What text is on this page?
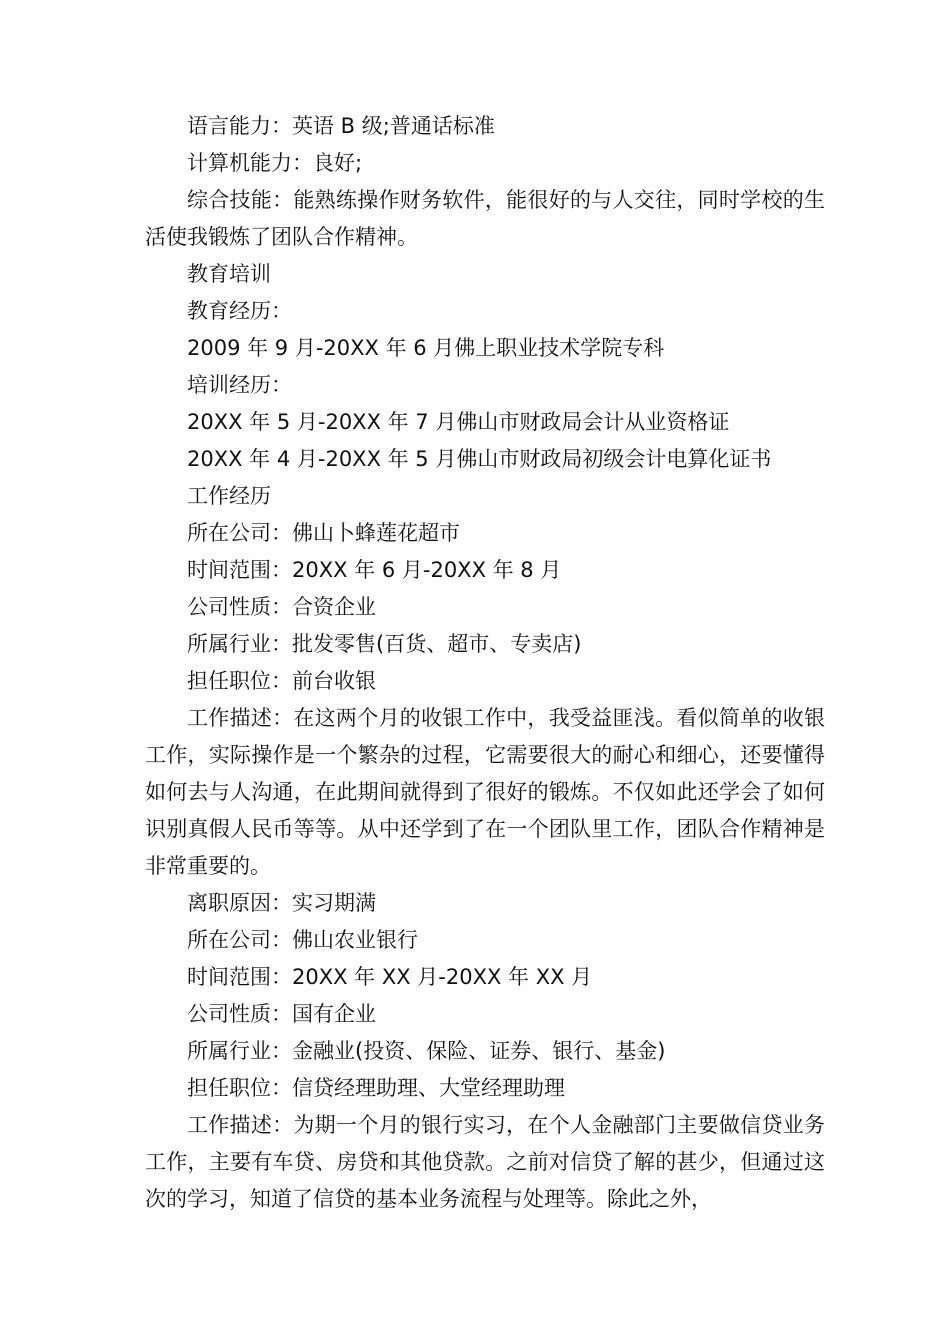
语言能力：英语 B 级;普通话标准

计算机能力：良好;

综合技能：能熟练操作财务软件，能很好的与人交往，同时学校的生活使我锻炼了团队合作精神。

教育培训

教育经历：

2009 年 9 月-20XX 年 6 月佛上职业技术学院专科

培训经历：

20XX 年 5 月-20XX 年 7 月佛山市财政局会计从业资格证

20XX 年 4 月-20XX 年 5 月佛山市财政局初级会计电算化证书

工作经历

所在公司：佛山卜蜂莲花超市

时间范围：20XX 年 6 月-20XX 年 8 月

公司性质：合资企业

所属行业：批发零售(百货、超市、专卖店)

担任职位：前台收银

工作描述：在这两个月的收银工作中，我受益匪浅。看似简单的收银工作，实际操作是一个繁杂的过程，它需要很大的耐心和细心，还要懂得如何去与人沟通，在此期间就得到了很好的锻炼。不仅如此还学会了如何识别真假人民币等等。从中还学到了在一个团队里工作，团队合作精神是非常重要的。

离职原因：实习期满

所在公司：佛山农业银行

时间范围：20XX 年 XX 月-20XX 年 XX 月

公司性质：国有企业

所属行业：金融业(投资、保险、证券、银行、基金)

担任职位：信贷经理助理、大堂经理助理

工作描述：为期一个月的银行实习，在个人金融部门主要做信贷业务工作，主要有车贷、房贷和其他贷款。之前对信贷了解的甚少，但通过这次的学习，知道了信贷的基本业务流程与处理等。除此之外，
